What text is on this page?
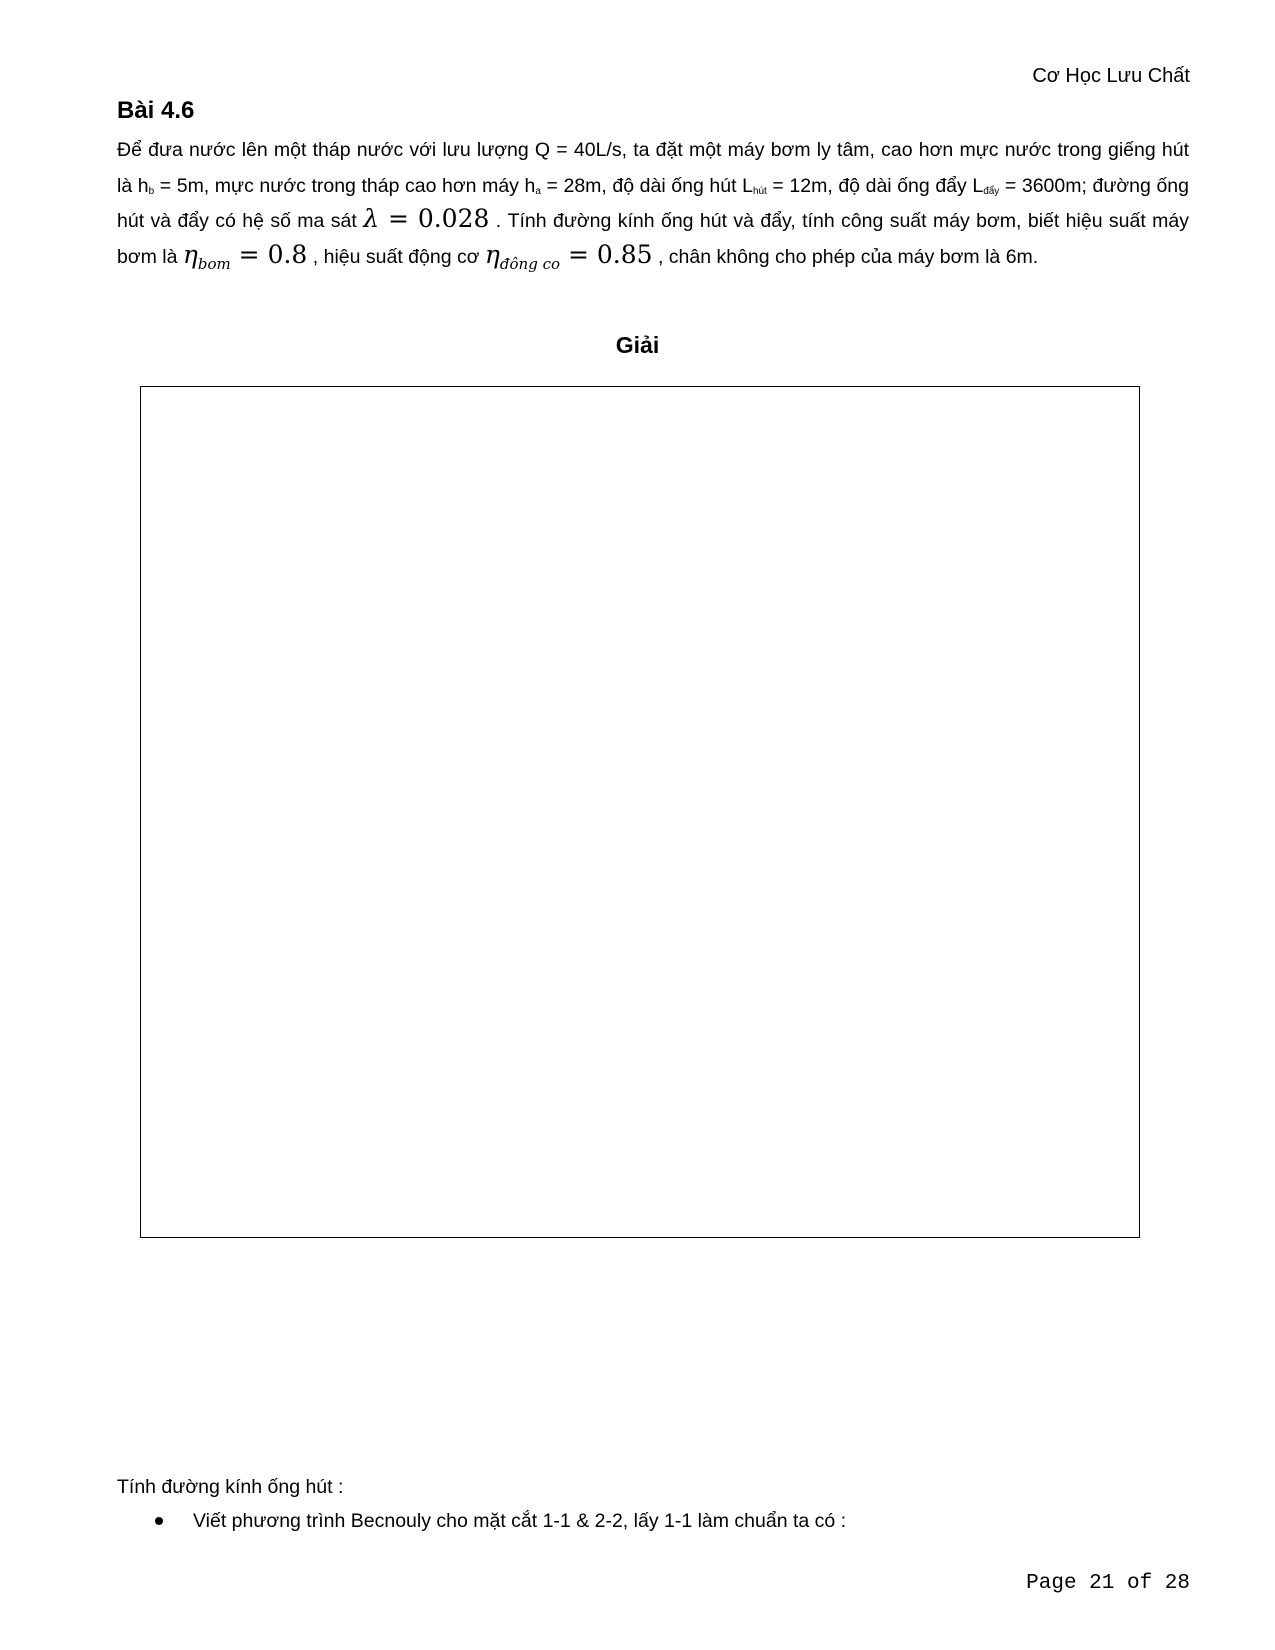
Cơ Học Lưu Chất
Bài 4.6
Để đưa nước lên một tháp nước với lưu lượng Q = 40L/s, ta đặt một máy bơm ly tâm, cao hơn mực nước trong giếng hút là $h_b = 5m$, mực nước trong tháp cao hơn máy $h_a = 28m$, độ dài ống hút $L_{hút} = 12m$, độ dài ống đẩy $L_{đẩy} = 3600m$; đường ống hút và đẩy có hệ số ma sát λ = 0.028 . Tính đường kính ống hút và đẩy, tính công suất máy bơm, biết hiệu suất máy bơm là $\eta_{bom} = 0.8$ , hiệu suất động cơ $\eta_{đông co} = 0.85$ , chân không cho phép của máy bơm là 6m.
Giải
Tính đường kính ống hút :
Viết phương trình Becnouly cho mặt cắt 1-1 & 2-2, lấy 1-1 làm chuẩn ta có :
Page 21 of 28
